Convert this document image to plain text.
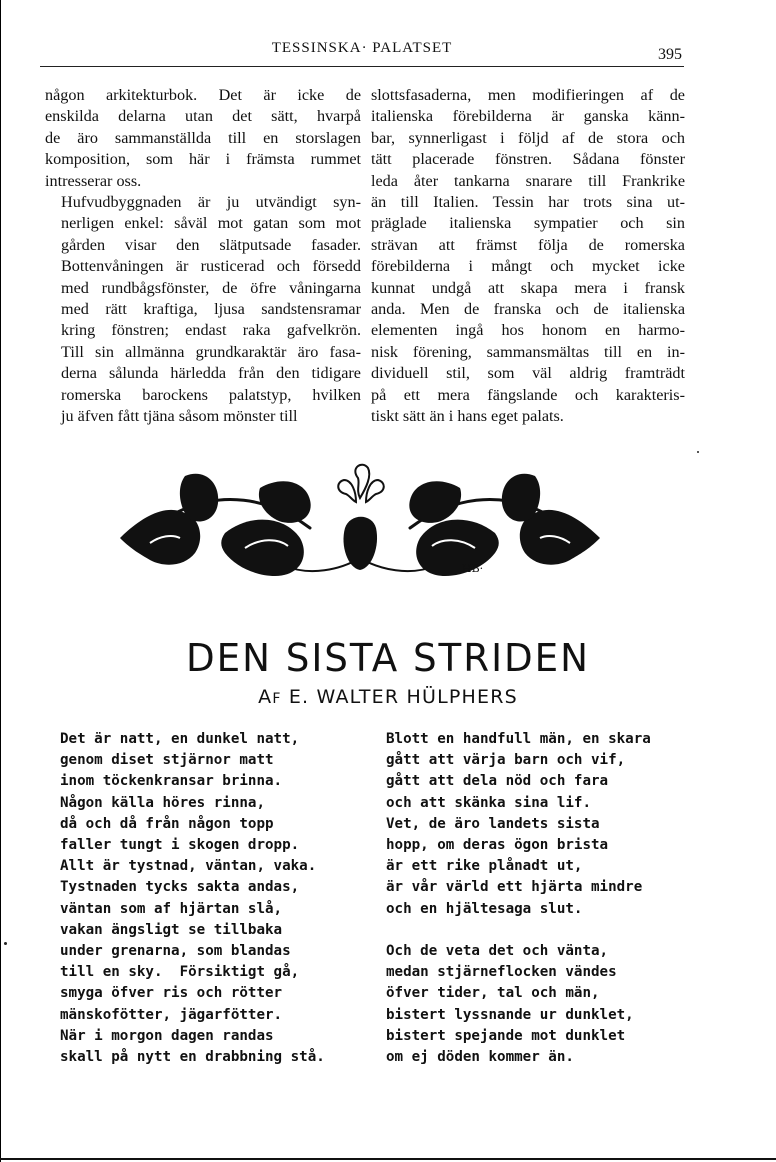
TESSINSKA· PALATSET	395

någon arkitekturbok. Det är icke de
enskilda delarna utan det sätt, hvarpå
de äro sammanställda till en storslagen
komposition, som här i främsta rummet
intresserar oss.

Hufvudbyggnaden är ju utvändigt syn-
nerligen enkel: såväl mot gatan som mot
gården visar den slätputsade fasader.
Bottenvåningen är rusticerad och försedd
med rundbågsfönster, de öfre våningarna
med rätt kraftiga, ljusa sandstensramar
kring fönstren; endast raka gafvelkrön.
Till sin allmänna grundkaraktär äro fasa-
derna sålunda härledda från den tidigare
romerska barockens palatstyp, hvilken
ju äfven fått tjäna såsom mönster till

slottsfasaderna, men modifieringen af de
italienska förebilderna är ganska känn-
bar, synnerligast i följd af de stora och
tätt placerade fönstren. Sådana fönster
leda åter tankarna snarare till Frankrike
än till Italien. Tessin har trots sina ut-
präglade italienska sympatier och sin
strävan att främst följa de romerska
förebilderna i mångt och mycket icke
kunnat undgå att skapa mera i fransk
anda. Men de franska och de italienska
elementen ingå hos honom en harmo-
nisk förening, sammansmältas till en in-
dividuell stil, som väl aldrig framträdt
på ett mera fängslande och karakteris-
tiskt sätt än i hans eget palats.

HB·
DEN SISTA STRIDEN
AF E. WALTER HÜLPHERS
Det är natt, en dunkel natt,
genom diset stjärnor matt
inom töckenkransar brinna.
Någon källa höres rinna,
då och då från någon topp
faller tungt i skogen dropp.
Allt är tystnad, väntan, vaka.
Tystnaden tycks sakta andas,
väntan som af hjärtan slå,
vakan ängsligt se tillbaka
under grenarna, som blandas
till en sky.  Försiktigt gå,
smyga öfver ris och rötter
mänskofötter, jägarfötter.
När i morgon dagen randas
skall på nytt en drabbning stå.
Blott en handfull män, en skara
gått att värja barn och vif,
gått att dela nöd och fara
och att skänka sina lif.
Vet, de äro landets sista
hopp, om deras ögon brista
är ett rike plånadt ut,
är vår värld ett hjärta mindre
och en hjältesaga slut.
Och de veta det och vänta,
medan stjärneflocken vändes
öfver tider, tal och män,
bistert lyssnande ur dunklet,
bistert spejande mot dunklet
om ej döden kommer än.
